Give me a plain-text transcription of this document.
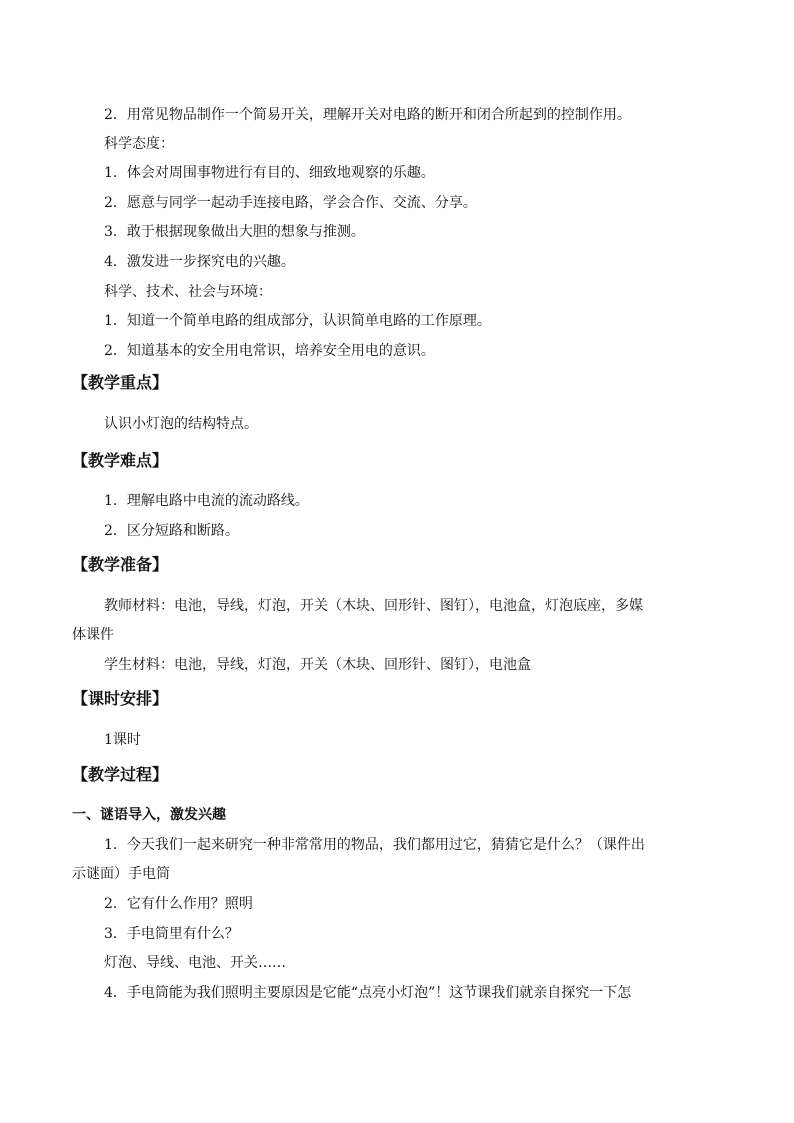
2．用常见物品制作一个简易开关，理解开关对电路的断开和闭合所起到的控制作用。
科学态度：
1．体会对周围事物进行有目的、细致地观察的乐趣。
2．愿意与同学一起动手连接电路，学会合作、交流、分享。
3．敢于根据现象做出大胆的想象与推测。
4．激发进一步探究电的兴趣。
科学、技术、社会与环境：
1．知道一个简单电路的组成部分，认识简单电路的工作原理。
2．知道基本的安全用电常识，培养安全用电的意识。
【教学重点】
认识小灯泡的结构特点。
【教学难点】
1．理解电路中电流的流动路线。
2．区分短路和断路。
【教学准备】
教师材料：电池，导线，灯泡，开关（木块、回形针、图钉），电池盒，灯泡底座，多媒
体课件
学生材料：电池，导线，灯泡，开关（木块、回形针、图钉），电池盒
【课时安排】
1课时
【教学过程】
一、谜语导入，激发兴趣
1．今天我们一起来研究一种非常常用的物品，我们都用过它，猜猜它是什么？（课件出
示谜面）手电筒
2．它有什么作用？照明
3．手电筒里有什么？
灯泡、导线、电池、开关……
4．手电筒能为我们照明主要原因是它能“点亮小灯泡”！这节课我们就亲自探究一下怎
